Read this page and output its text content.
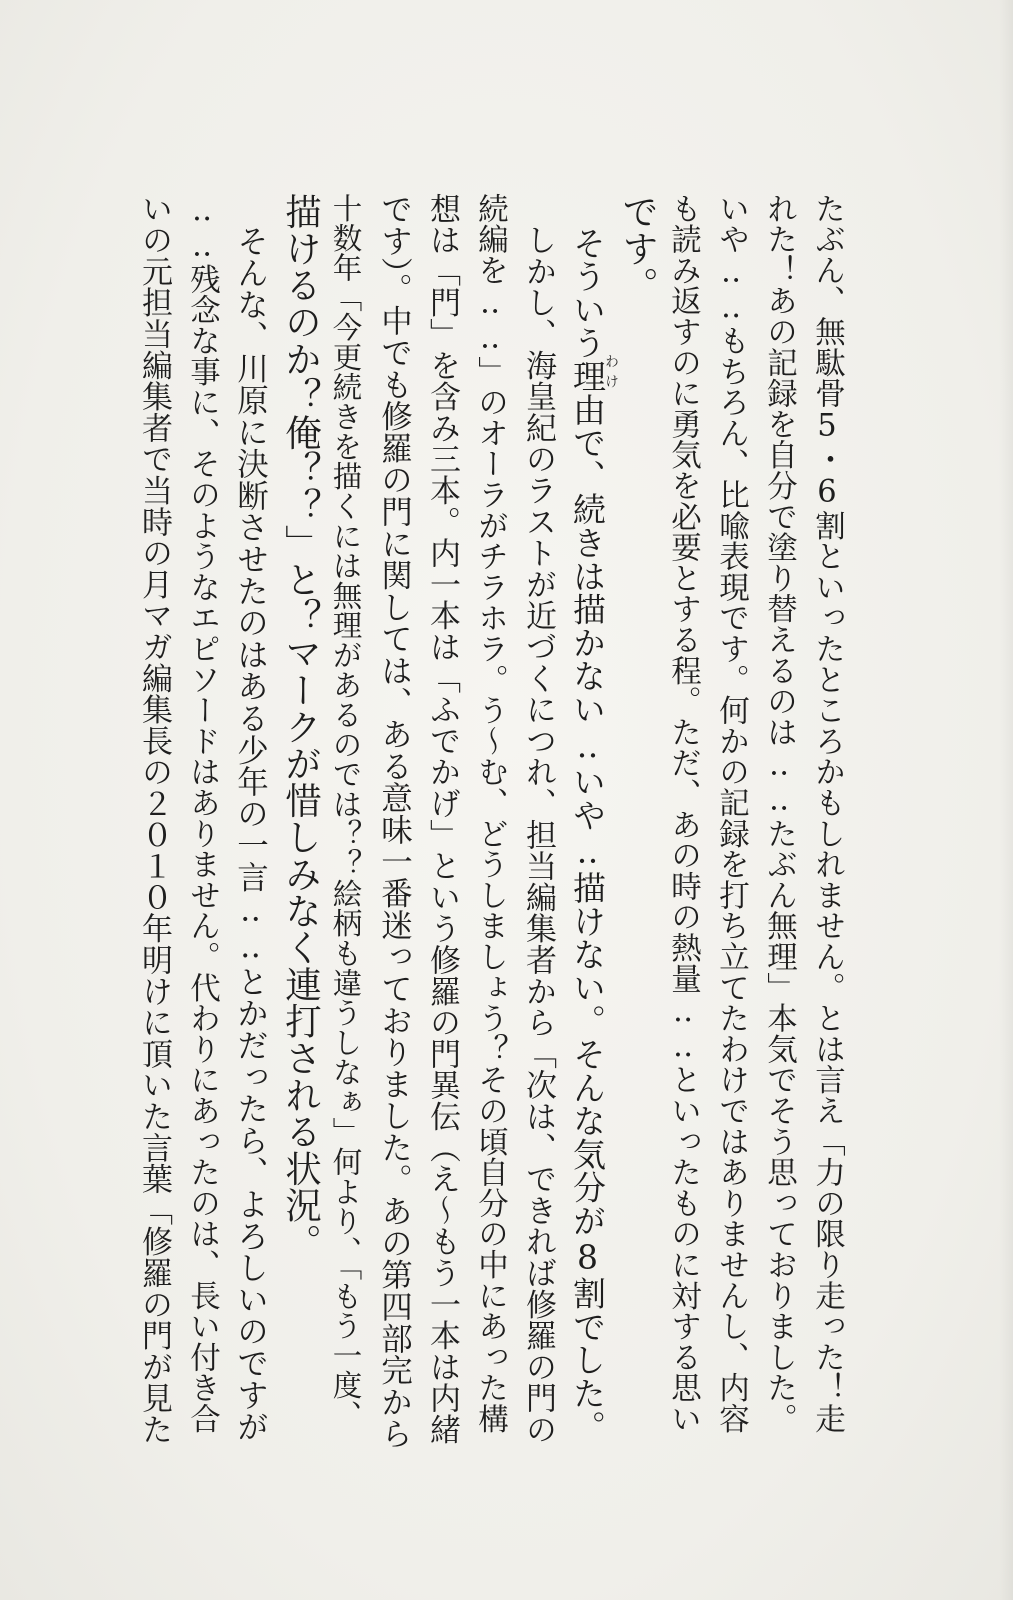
たぶん、無駄骨5・6割といったところかもしれません。とは言え「力の限り走った！走
れた！あの記録を自分で塗り替えるのは‥‥たぶん無理」本気でそう思っておりました。
いや‥‥もちろん、比喩表現です。何かの記録を打ち立てたわけではありませんし、内容
も読み返すのに勇気を必要とする程。ただ、あの時の熱量‥‥といったものに対する思い
です。
　そういう理由で、続きは描かない‥いや‥描けない。そんな気分が8割でした。
　しかし、海皇紀のラストが近づくにつれ、担当編集者から「次は、できれば修羅の門の
続編を‥‥」のオーラがチラホラ。う〜む、どうしましょう？その頃自分の中にあった構
想は「門」を含み三本。内一本は「ふでかげ」という修羅の門異伝（え〜もう一本は内緒
です）。中でも修羅の門に関しては、ある意味一番迷っておりました。あの第四部完から
十数年「今更続きを描くには無理があるのでは？？絵柄も違うしなぁ」何より、「もう一度、
描けるのか？俺？？」と？マークが惜しみなく連打される状況。
　そんな、川原に決断させたのはある少年の一言‥‥とかだったら、よろしいのですが
‥‥残念な事に、そのようなエピソードはありません。代わりにあったのは、長い付き合
いの元担当編集者で当時の月マガ編集長の２０１０年明けに頂いた言葉「修羅の門が見た	わけ
